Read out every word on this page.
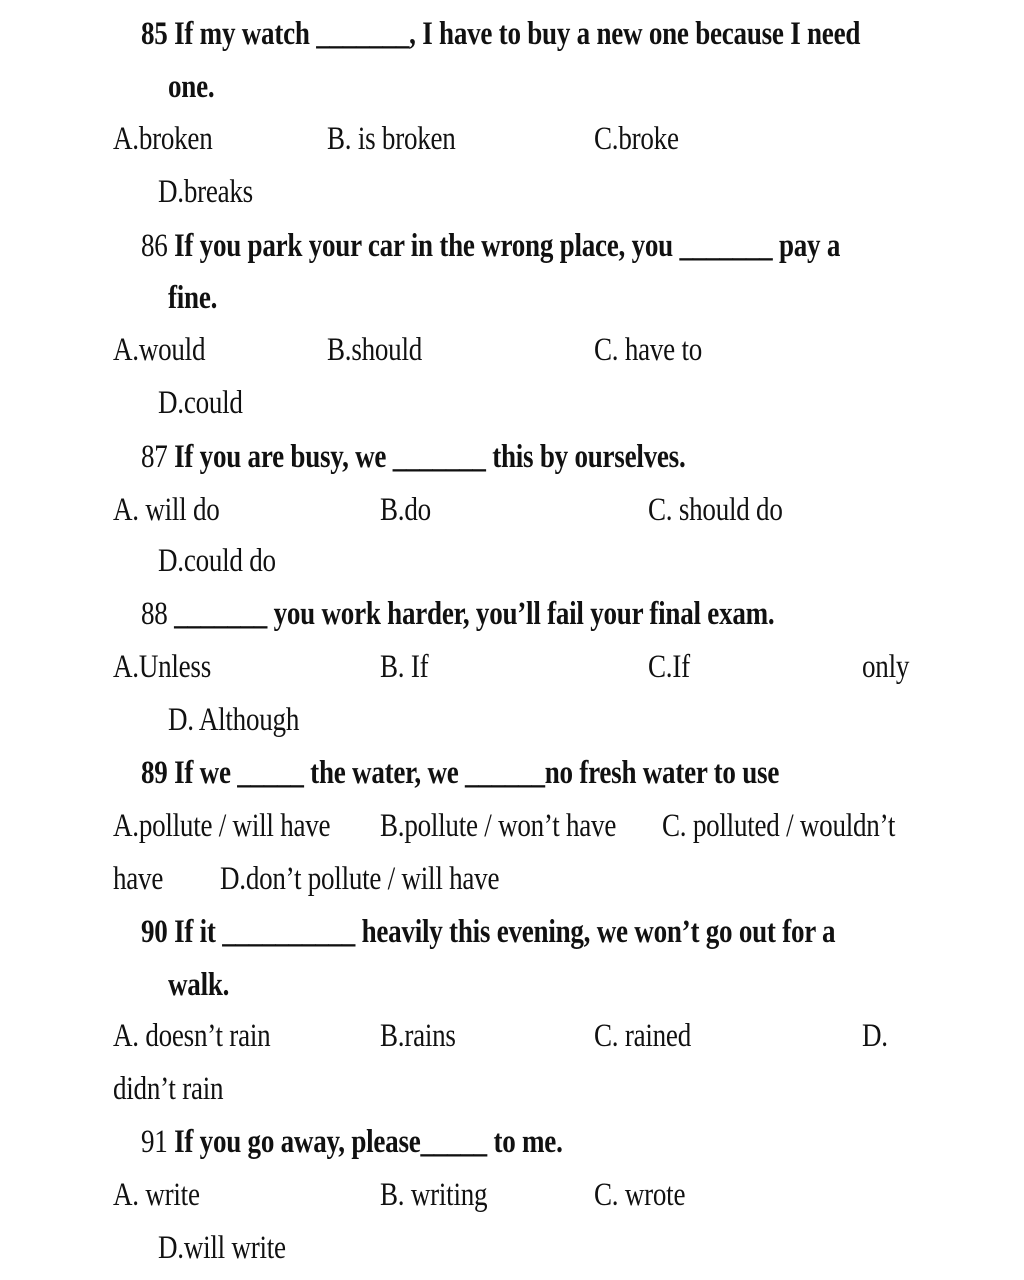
85 If my watch _______, I have to buy a new one because I need
one.
A.broken	B. is broken	C.broke
D.breaks
86 If you park your car in the wrong place, you _______ pay a
fine.
A.would	B.should	C. have to
D.could
87 If you are busy, we _______ this by ourselves.
A. will do	B.do	C. should do
D.could do
88 _______ you work harder, you’ll fail your final exam.
A.Unless	B. If	C.If	only
D. Although
89 If we _____ the water, we ______no fresh water to use
A.pollute / will have B.pollute / won’t have C. polluted / wouldn’t
have D.don’t pollute / will have
90 If it __________ heavily this evening, we won’t go out for a
walk.
A. doesn’t rain	B.rains	C. rained	D.
didn’t rain
91 If you go away, please_____ to me.
A. write	B. writing	C. wrote
D.will write
